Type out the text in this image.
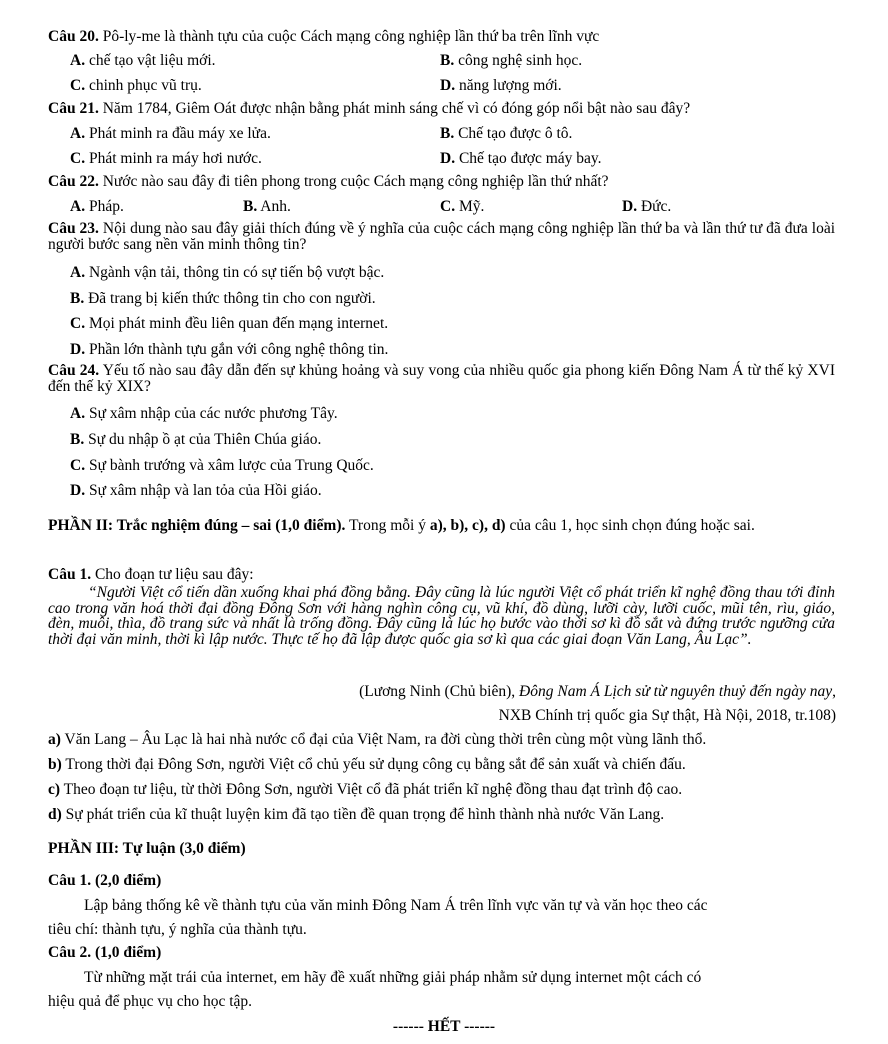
Câu 20. Pô-ly-me là thành tựu của cuộc Cách mạng công nghiệp lần thứ ba trên lĩnh vực
A. chế tạo vật liệu mới.	B. công nghệ sinh học.
C. chinh phục vũ trụ.	D. năng lượng mới.
Câu 21. Năm 1784, Giêm Oát được nhận bằng phát minh sáng chế vì có đóng góp nổi bật nào sau đây?
A. Phát minh ra đầu máy xe lửa.	B. Chế tạo được ô tô.
C. Phát minh ra máy hơi nước.	D. Chế tạo được máy bay.
Câu 22. Nước nào sau đây đi tiên phong trong cuộc Cách mạng công nghiệp lần thứ nhất?
A. Pháp.	B. Anh.	C. Mỹ.	D. Đức.
Câu 23. Nội dung nào sau đây giải thích đúng về ý nghĩa của cuộc cách mạng công nghiệp lần thứ ba và lần thứ tư đã đưa loài người bước sang nền văn minh thông tin?
A. Ngành vận tải, thông tin có sự tiến bộ vượt bậc.
B. Đã trang bị kiến thức thông tin cho con người.
C. Mọi phát minh đều liên quan đến mạng internet.
D. Phần lớn thành tựu gắn với công nghệ thông tin.
Câu 24. Yếu tố nào sau đây dẫn đến sự khủng hoảng và suy vong của nhiều quốc gia phong kiến Đông Nam Á từ thế kỷ XVI đến thế kỷ XIX?
A. Sự xâm nhập của các nước phương Tây.
B. Sự du nhập ồ ạt của Thiên Chúa giáo.
C. Sự bành trướng và xâm lược của Trung Quốc.
D. Sự xâm nhập và lan tỏa của Hồi giáo.
PHẦN II: Trắc nghiệm đúng – sai (1,0 điểm). Trong mỗi ý a), b), c), d) của câu 1, học sinh chọn đúng hoặc sai.
Câu 1. Cho đoạn tư liệu sau đây:
“Người Việt cổ tiến dần xuống khai phá đồng bằng. Đây cũng là lúc người Việt cổ phát triển kĩ nghệ đồng thau tới đỉnh cao trong văn hoá thời đại đồng Đông Sơn với hàng nghìn công cụ, vũ khí, đồ dùng, lưỡi cày, lưỡi cuốc, mũi tên, rìu, giáo, đèn, muôi, thìa, đồ trang sức và nhất là trống đồng. Đây cũng là lúc họ bước vào thời sơ kì đồ sắt và đứng trước ngưỡng cửa thời đại văn minh, thời kì lập nước. Thực tế họ đã lập được quốc gia sơ kì qua các giai đoạn Văn Lang, Âu Lạc”.
(Lương Ninh (Chủ biên), Đông Nam Á Lịch sử từ nguyên thuỷ đến ngày nay,
NXB Chính trị quốc gia Sự thật, Hà Nội, 2018, tr.108)
a) Văn Lang – Âu Lạc là hai nhà nước cổ đại của Việt Nam, ra đời cùng thời trên cùng một vùng lãnh thổ.
b) Trong thời đại Đông Sơn, người Việt cổ chủ yếu sử dụng công cụ bằng sắt để sản xuất và chiến đấu.
c) Theo đoạn tư liệu, từ thời Đông Sơn, người Việt cổ đã phát triển kĩ nghệ đồng thau đạt trình độ cao.
d) Sự phát triển của kĩ thuật luyện kim đã tạo tiền đề quan trọng để hình thành nhà nước Văn Lang.
PHẦN III: Tự luận (3,0 điểm)
Câu 1. (2,0 điểm)
Lập bảng thống kê về thành tựu của văn minh Đông Nam Á trên lĩnh vực văn tự và văn học theo các
tiêu chí: thành tựu, ý nghĩa của thành tựu.
Câu 2. (1,0 điểm)
Từ những mặt trái của internet, em hãy đề xuất những giải pháp nhằm sử dụng internet một cách có
hiệu quả để phục vụ cho học tập.
------ HẾT ------
